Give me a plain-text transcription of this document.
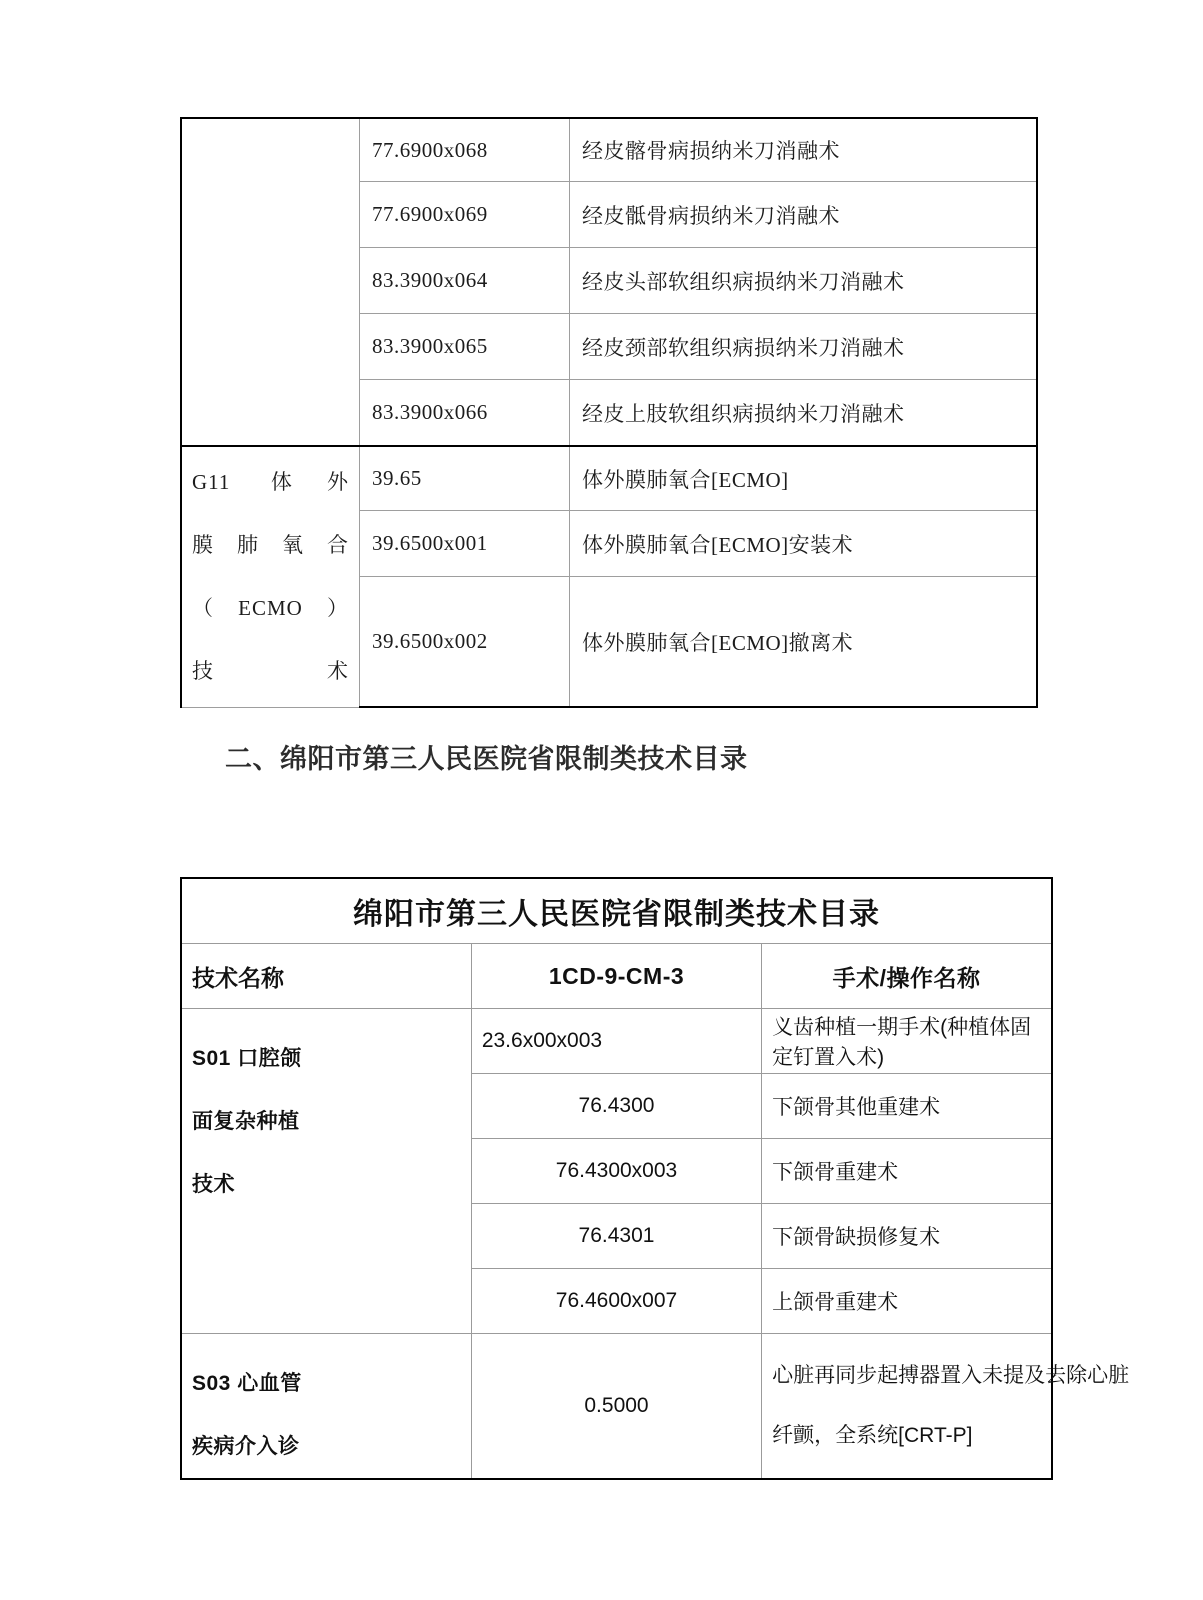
	77.6900x068	经皮髂骨病损纳米刀消融术
	77.6900x069	经皮骶骨病损纳米刀消融术
	83.3900x064	经皮头部软组织病损纳米刀消融术
	83.3900x065	经皮颈部软组织病损纳米刀消融术
	83.3900x066	经皮上肢软组织病损纳米刀消融术

G11 体外
膜肺氧合
（ECMO）
技术	39.65	体外膜肺氧合[ECMO]
	39.6500x001	体外膜肺氧合[ECMO]安装术
	39.6500x002	体外膜肺氧合[ECMO]撤离术
二、绵阳市第三人民医院省限制类技术目录
绵阳市第三人民医院省限制类技术目录		
技术名称	1CD-9-CM-3	手术/操作名称

S01 口腔颌
面复杂种植
技术	23.6x00x003	义齿种植一期手术(种植体固定钉置入术)
	76.4300	下颌骨其他重建术
	76.4300x003	下颌骨重建术
	76.4301	下颌骨缺损修复术
	76.4600x007	上颌骨重建术

S03 心血管
疾病介入诊	0.5000	心脏再同步起搏器置入未提及去除心脏
纤颤，全系统[CRT-P]
